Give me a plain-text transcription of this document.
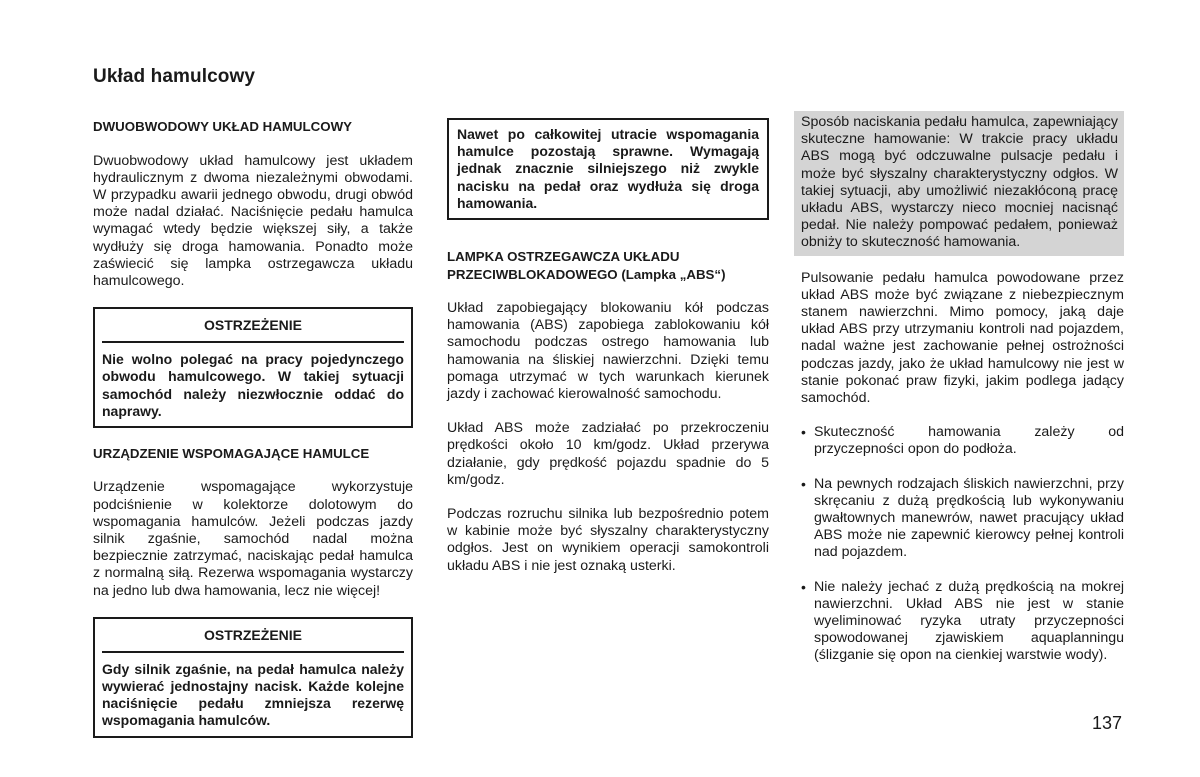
Układ hamulcowy
DWUOBWODOWY UKŁAD HAMULCOWY

Dwuobwodowy układ hamulcowy jest układem hydraulicznym z dwoma niezależnymi obwodami. W przypadku awarii jednego obwodu, drugi obwód może nadal działać. Naciśnięcie pedału hamulca wymagać wtedy będzie większej siły, a także wydłuży się droga hamowania. Ponadto może zaświecić się lampka ostrzegawcza układu hamulcowego.

OSTRZEŻENIE
Nie wolno polegać na pracy pojedynczego obwodu hamulcowego. W takiej sytuacji samochód należy niezwłocznie oddać do naprawy.
URZĄDZENIE WSPOMAGAJĄCE HAMULCE

Urządzenie wspomagające wykorzystuje podciśnienie w kolektorze dolotowym do wspomagania hamulców. Jeżeli podczas jazdy silnik zgaśnie, samochód nadal można bezpiecznie zatrzymać, naciskając pedał hamulca z normalną siłą. Rezerwa wspomagania wystarczy na jedno lub dwa hamowania, lecz nie więcej!

OSTRZEŻENIE
Gdy silnik zgaśnie, na pedał hamulca należy wywierać jednostajny nacisk. Każde kolejne naciśnięcie pedału zmniejsza rezerwę wspomagania hamulców.
Nawet po całkowitej utracie wspomagania hamulce pozostają sprawne. Wymagają jednak znacznie silniejszego niż zwykle nacisku na pedał oraz wydłuża się droga hamowania.
LAMPKA OSTRZEGAWCZA UKŁADU PRZECIWBLOKADOWEGO (Lampka „ABS“)

Układ zapobiegający blokowaniu kół podczas hamowania (ABS) zapobiega zablokowaniu kół samochodu podczas ostrego hamowania lub hamowania na śliskiej nawierzchni. Dzięki temu pomaga utrzymać w tych warunkach kierunek jazdy i zachować kierowalność samochodu.

Układ ABS może zadziałać po przekroczeniu prędkości około 10 km/godz. Układ przerywa działanie, gdy prędkość pojazdu spadnie do 5 km/godz.

Podczas rozruchu silnika lub bezpośrednio potem w kabinie może być słyszalny charakterystyczny odgłos. Jest on wynikiem operacji samokontroli układu ABS i nie jest oznaką usterki.

Sposób naciskania pedału hamulca, zapewniający skuteczne hamowanie: W trakcie pracy układu ABS mogą być odczuwalne pulsacje pedału i może być słyszalny charakterystyczny odgłos. W takiej sytuacji, aby umożliwić niezakłóconą pracę układu ABS, wystarczy nieco mocniej nacisnąć pedał. Nie należy pompować pedałem, ponieważ obniży to skuteczność hamowania.

Pulsowanie pedału hamulca powodowane przez układ ABS może być związane z niebezpiecznym stanem nawierzchni. Mimo pomocy, jaką daje układ ABS przy utrzymaniu kontroli nad pojazdem, nadal ważne jest zachowanie pełnej ostrożności podczas jazdy, jako że układ hamulcowy nie jest w stanie pokonać praw fizyki, jakim podlega jadący samochód.

• Skuteczność hamowania zależy od przyczepności opon do podłoża.
• Na pewnych rodzajach śliskich nawierzchni, przy skręcaniu z dużą prędkością lub wykonywaniu gwałtownych manewrów, nawet pracujący układ ABS może nie zapewnić kierowcy pełnej kontroli nad pojazdem.
• Nie należy jechać z dużą prędkością na mokrej nawierzchni. Układ ABS nie jest w stanie wyeliminować ryzyka utraty przyczepności spowodowanej zjawiskiem aquaplanningu (ślizganie się opon na cienkiej warstwie wody).
137
